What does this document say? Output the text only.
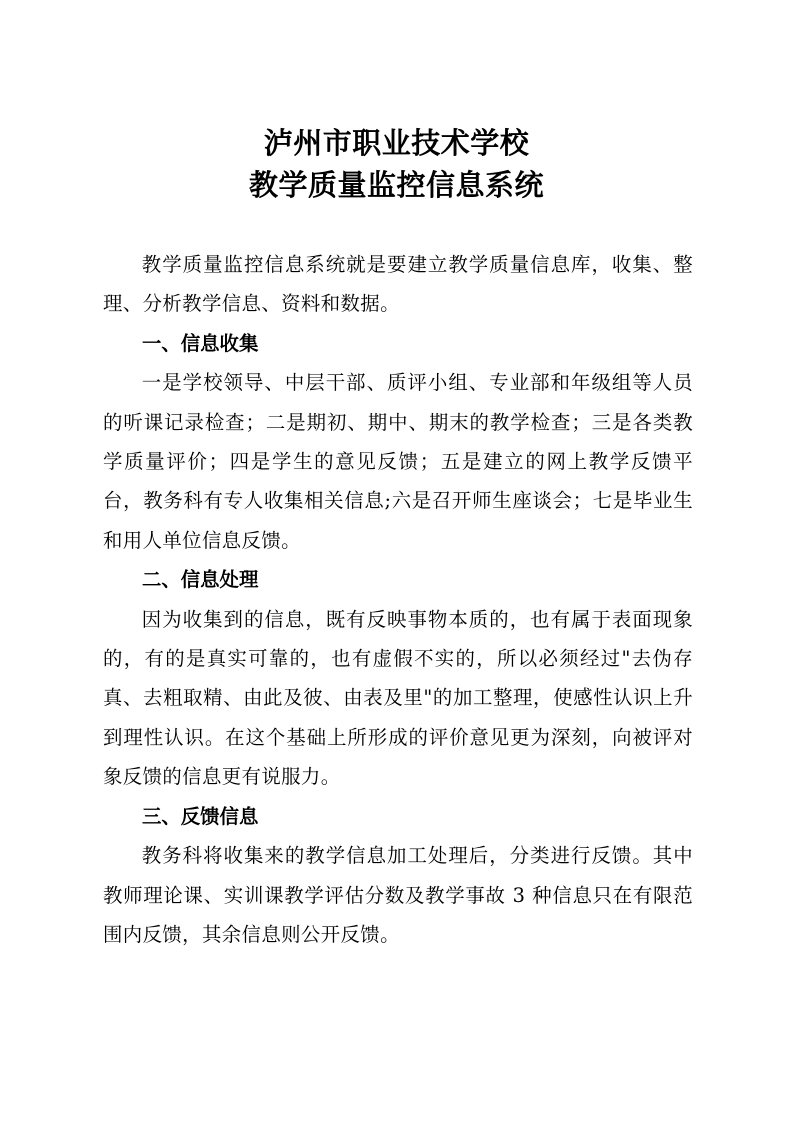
泸州市职业技术学校

教学质量监控信息系统

教学质量监控信息系统就是要建立教学质量信息库，收集、整理、分析教学信息、资料和数据。

一、信息收集

一是学校领导、中层干部、质评小组、专业部和年级组等人员的听课记录检查；二是期初、期中、期末的教学检查；三是各类教学质量评价；四是学生的意见反馈；五是建立的网上教学反馈平台，教务科有专人收集相关信息;六是召开师生座谈会；七是毕业生和用人单位信息反馈。

二、信息处理

因为收集到的信息，既有反映事物本质的，也有属于表面现象的，有的是真实可靠的，也有虚假不实的，所以必须经过"去伪存真、去粗取精、由此及彼、由表及里"的加工整理，使感性认识上升到理性认识。在这个基础上所形成的评价意见更为深刻，向被评对象反馈的信息更有说服力。

三、反馈信息

教务科将收集来的教学信息加工处理后，分类进行反馈。其中教师理论课、实训课教学评估分数及教学事故 3 种信息只在有限范围内反馈，其余信息则公开反馈。
